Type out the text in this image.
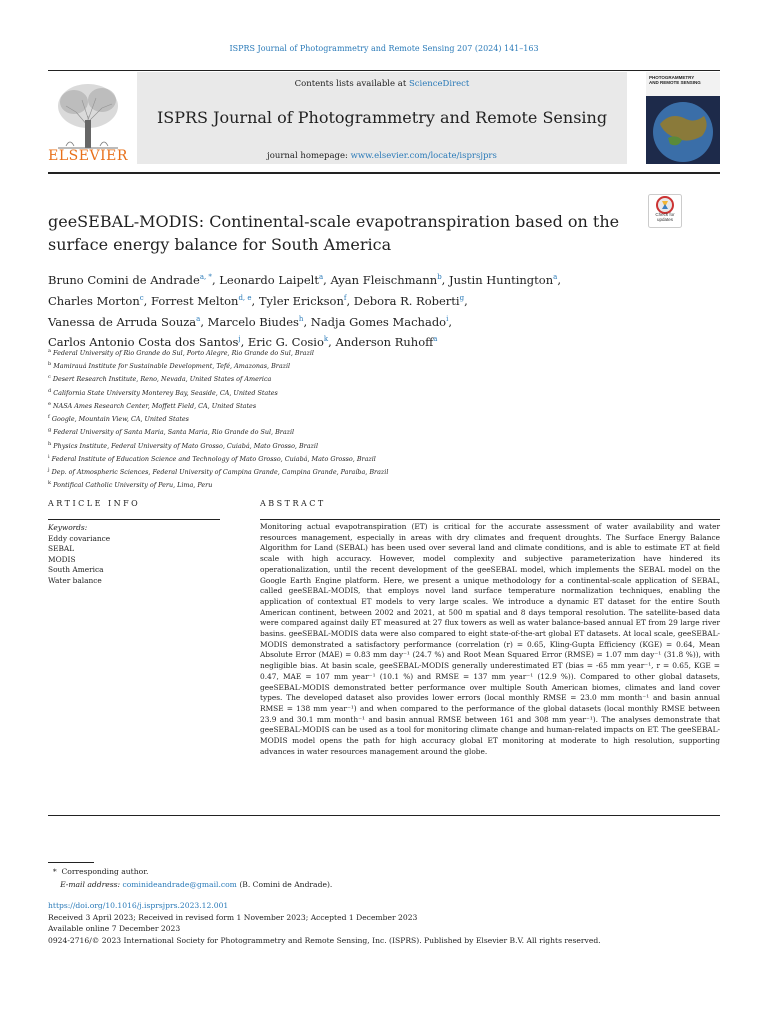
ISPRS Journal of Photogrammetry and Remote Sensing 207 (2024) 141–163
ELSEVIER
Contents lists available at ScienceDirect
ISPRS Journal of Photogrammetry and Remote Sensing
journal homepage: www.elsevier.com/locate/isprsjprs
PHOTOGRAMMETRY
AND REMOTE SENSING
Check for updates
geeSEBAL-MODIS: Continental-scale evapotranspiration based on the
surface energy balance for South America
Bruno Comini de Andrade$^{a, *}$, Leonardo Laipelt$^a$, Ayan Fleischmann$^b$, Justin Huntington$^a$,
Charles Morton$^c$, Forrest Melton$^{d, e}$, Tyler Erickson$^f$, Debora R. Roberti$^g$,
Vanessa de Arruda Souza$^a$, Marcelo Biudes$^h$, Nadja Gomes Machado$^i$,
Carlos Antonio Costa dos Santos$^j$, Eric G. Cosio$^k$, Anderson Ruhoff$^a$
$^a$ Federal University of Rio Grande do Sul, Porto Alegre, Rio Grande do Sul, Brazil
$^b$ Mamirauá Institute for Sustainable Development, Tefé, Amazonas, Brazil
$^c$ Desert Research Institute, Reno, Nevada, United States of America
$^d$ California State University Monterey Bay, Seaside, CA, United States
$^e$ NASA Ames Research Center, Moffett Field, CA, United States
$^f$ Google, Mountain View, CA, United States
$^g$ Federal University of Santa Maria, Santa Maria, Rio Grande do Sul, Brazil
$^h$ Physics Institute, Federal University of Mato Grosso, Cuiabá, Mato Grosso, Brazil
$^i$ Federal Institute of Education Science and Technology of Mato Grosso, Cuiabá, Mato Grosso, Brazil
$^j$ Dep. of Atmospheric Sciences, Federal University of Campina Grande, Campina Grande, Paraíba, Brazil
$^k$ Pontifical Catholic University of Peru, Lima, Peru
ARTICLE INFO	ABSTRACT
Keywords:
Eddy covariance
SEBAL
MODIS
South America
Water balance
Monitoring actual evapotranspiration (ET) is critical for the accurate assessment of water availability and water resources management, especially in areas with dry climates and frequent droughts. The Surface Energy Balance Algorithm for Land (SEBAL) has been used over several land and climate conditions, and is able to estimate ET at field scale with high accuracy. However, model complexity and subjective parameterization have hindered its operationalization, until the recent development of the geeSEBAL model, which implements the SEBAL model on the Google Earth Engine platform. Here, we present a unique methodology for a continental-scale application of SEBAL, called geeSEBAL-MODIS, that employs novel land surface temperature normalization techniques, enabling the application of contextual ET models to very large scales. We introduce a dynamic ET dataset for the entire South American continent, between 2002 and 2021, at 500 m spatial and 8 days temporal resolution. The satellite-based data were compared against daily ET measured at 27 flux towers as well as water balance-based annual ET from 29 large river basins. geeSEBAL-MODIS data were also compared to eight state-of-the-art global ET datasets. At local scale, geeSEBAL-MODIS demonstrated a satisfactory performance (correlation (r) = 0.65, Kling-Gupta Efficiency (KGE) = 0.64, Mean Absolute Error (MAE) = 0.83 mm day⁻¹ (24.7 %) and Root Mean Squared Error (RMSE) = 1.07 mm day⁻¹ (31.8 %)), with negligible bias. At basin scale, geeSEBAL-MODIS generally underestimated ET (bias = -65 mm year⁻¹, r = 0.65, KGE = 0.47, MAE = 107 mm year⁻¹ (10.1 %) and RMSE = 137 mm year⁻¹ (12.9 %)). Compared to other global datasets, geeSEBAL-MODIS demonstrated better performance over multiple South American biomes, climates and land cover types. The developed dataset also provides lower errors (local monthly RMSE = 23.0 mm month⁻¹ and basin annual RMSE = 138 mm year⁻¹) and when compared to the performance of the global datasets (local monthly RMSE between 23.9 and 30.1 mm month⁻¹ and basin annual RMSE between 161 and 308 mm year⁻¹). The analyses demonstrate that geeSEBAL-MODIS can be used as a tool for monitoring climate change and human-related impacts on ET. The geeSEBAL-MODIS model opens the path for high accuracy global ET monitoring at moderate to high resolution, supporting advances in water resources management around the globe.
*  Corresponding author.
E-mail address: cominideandrade@gmail.com (B. Comini de Andrade).
https://doi.org/10.1016/j.isprsjprs.2023.12.001
Received 3 April 2023; Received in revised form 1 November 2023; Accepted 1 December 2023
Available online 7 December 2023
0924-2716/© 2023 International Society for Photogrammetry and Remote Sensing, Inc. (ISPRS). Published by Elsevier B.V. All rights reserved.
